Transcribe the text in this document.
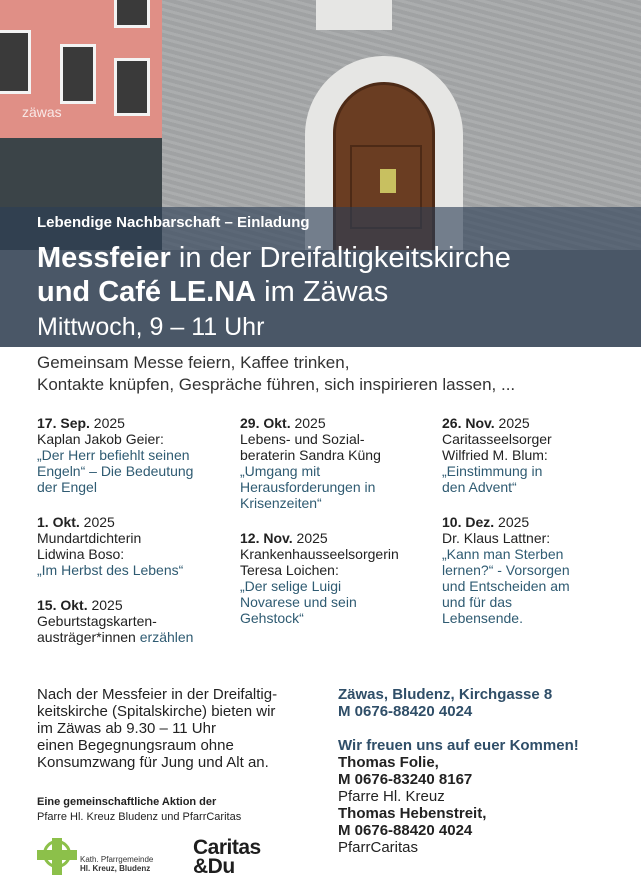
zäwas
Lebendige Nachbarschaft – Einladung
Messfeier in der Dreifaltigkeitskirche
und Café LE.NA im Zäwas
Mittwoch, 9 – 11 Uhr
Gemeinsam Messe feiern, Kaffee trinken,
Kontakte knüpfen, Gespräche führen, sich inspirieren lassen, ...
17. Sep. 2025
Kaplan Jakob Geier:
„Der Herr befiehlt seinen
Engeln“ – Die Bedeutung
der Engel
1. Okt. 2025
Mundartdichterin
Lidwina Boso:
„Im Herbst des Lebens“
15. Okt. 2025
Geburtstagskarten-
austräger*innen erzählen
29. Okt. 2025
Lebens- und Sozial-
beraterin Sandra Küng
„Umgang mit
Herausforderungen in
Krisenzeiten“
12. Nov. 2025
Krankenhausseelsorgerin
Teresa Loichen:
„Der selige Luigi
Novarese und sein
Gehstock“
26. Nov. 2025
Caritasseelsorger
Wilfried M. Blum:
„Einstimmung in
den Advent“
10. Dez. 2025
Dr. Klaus Lattner:
„Kann man Sterben
lernen?“ - Vorsorgen
und Entscheiden am
und für das
Lebensende.
Nach der Messfeier in der Dreifaltig-
keitskirche (Spitalskirche) bieten wir
im Zäwas ab 9.30 – 11 Uhr
einen Begegnungsraum ohne
Konsumzwang für Jung und Alt an.
Eine gemeinschaftliche Aktion der
Pfarre Hl. Kreuz Bludenz und PfarrCaritas
Zäwas, Bludenz, Kirchgasse 8
M 0676-88420 4024
Wir freuen uns auf euer Kommen!
Thomas Folie,
M 0676-83240 8167
Pfarre Hl. Kreuz
Thomas Hebenstreit,
M 0676-88420 4024
PfarrCaritas
Kath. Pfarrgemeinde
Hl. Kreuz, Bludenz
Caritas
&Du
